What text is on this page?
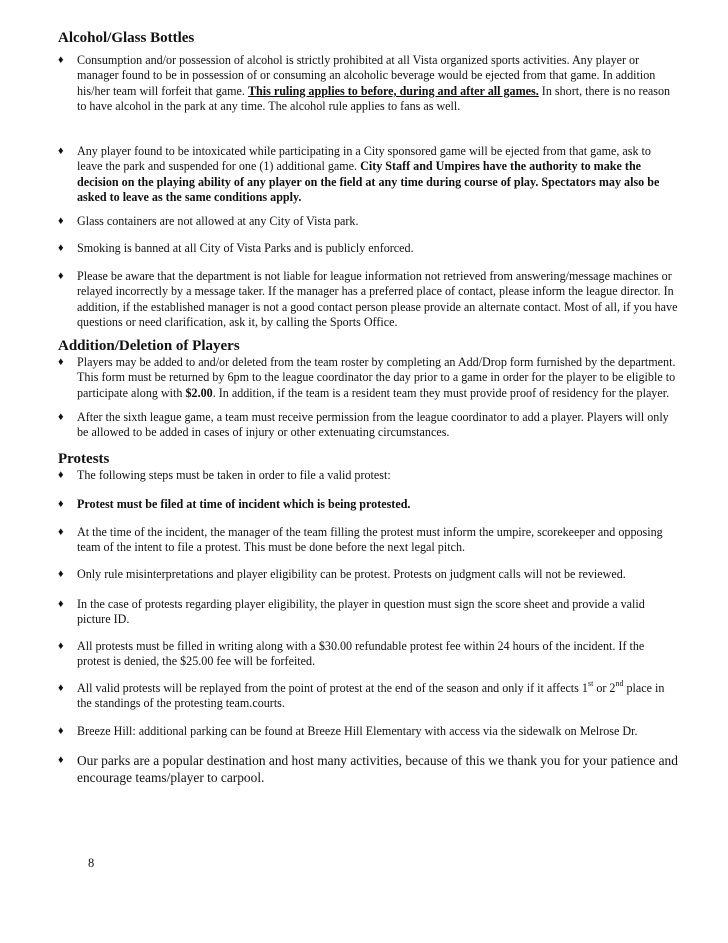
Alcohol/Glass Bottles
♦	Consumption and/or possession of alcohol is strictly prohibited at all Vista organized sports activities. Any player or manager found to be in possession of or consuming an alcoholic beverage would be ejected from that game. In addition his/her team will forfeit that game. This ruling applies to before, during and after all games. In short, there is no reason to have alcohol in the park at any time. The alcohol rule applies to fans as well.
♦	Any player found to be intoxicated while participating in a City sponsored game will be ejected from that game, ask to leave the park and suspended for one (1) additional game. City Staff and Umpires have the authority to make the decision on the playing ability of any player on the field at any time during course of play. Spectators may also be asked to leave as the same conditions apply.
♦	Glass containers are not allowed at any City of Vista park.
♦	Smoking is banned at all City of Vista Parks and is publicly enforced.
♦	Please be aware that the department is not liable for league information not retrieved from answering/message machines or relayed incorrectly by a message taker. If the manager has a preferred place of contact, please inform the league director. In addition, if the established manager is not a good contact person please provide an alternate contact. Most of all, if you have questions or need clarification, ask it, by calling the Sports Office.
Addition/Deletion of Players
♦	Players may be added to and/or deleted from the team roster by completing an Add/Drop form furnished by the department. This form must be returned by 6pm to the league coordinator the day prior to a game in order for the player to be eligible to participate along with $2.00. In addition, if the team is a resident team they must provide proof of residency for the player.
♦	After the sixth league game, a team must receive permission from the league coordinator to add a player. Players will only be allowed to be added in cases of injury or other extenuating circumstances.
Protests
♦	The following steps must be taken in order to file a valid protest:
♦	Protest must be filed at time of incident which is being protested.
♦	At the time of the incident, the manager of the team filling the protest must inform the umpire, scorekeeper and opposing team of the intent to file a protest. This must be done before the next legal pitch.
♦	Only rule misinterpretations and player eligibility can be protest. Protests on judgment calls will not be reviewed.
♦	In the case of protests regarding player eligibility, the player in question must sign the score sheet and provide a valid picture ID.
♦	All protests must be filled in writing along with a $30.00 refundable protest fee within 24 hours of the incident. If the protest is denied, the $25.00 fee will be forfeited.
♦	All valid protests will be replayed from the point of protest at the end of the season and only if it affects 1st or 2nd place in the standings of the protesting team.courts.
♦	Breeze Hill: additional parking can be found at Breeze Hill Elementary with access via the sidewalk on Melrose Dr.
♦ Our parks are a popular destination and host many activities, because of this we thank you for your patience and encourage teams/player to carpool.
8
